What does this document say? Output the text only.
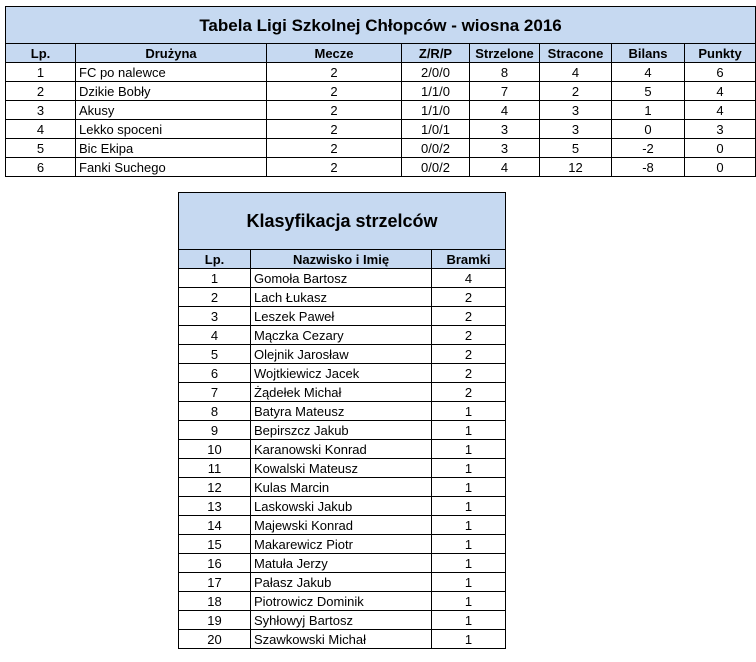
Tabela Ligi Szkolnej Chłopców - wiosna 2016							
Lp.	Drużyna	Mecze	Z/R/P	Strzelone	Stracone	Bilans	Punkty
1	FC po nalewce	2	2/0/0	8	4	4	6
2	Dzikie Bobły	2	1/1/0	7	2	5	4
3	Akusy	2	1/1/0	4	3	1	4
4	Lekko spoceni	2	1/0/1	3	3	0	3
5	Bic Ekipa	2	0/0/2	3	5	-2	0
6	Fanki Suchego	2	0/0/2	4	12	-8	0
Klasyfikacja strzelców		
Lp.	Nazwisko i Imię	Bramki
1	Gomoła Bartosz	4
2	Lach Łukasz	2
3	Leszek Paweł	2
4	Mączka Cezary	2
5	Olejnik Jarosław	2
6	Wojtkiewicz Jacek	2
7	Żądełek Michał	2
8	Batyra Mateusz	1
9	Bepirszcz Jakub	1
10	Karanowski Konrad	1
11	Kowalski Mateusz	1
12	Kulas Marcin	1
13	Laskowski Jakub	1
14	Majewski Konrad	1
15	Makarewicz Piotr	1
16	Matuła Jerzy	1
17	Pałasz Jakub	1
18	Piotrowicz Dominik	1
19	Syhłowyj Bartosz	1
20	Szawkowski Michał	1
